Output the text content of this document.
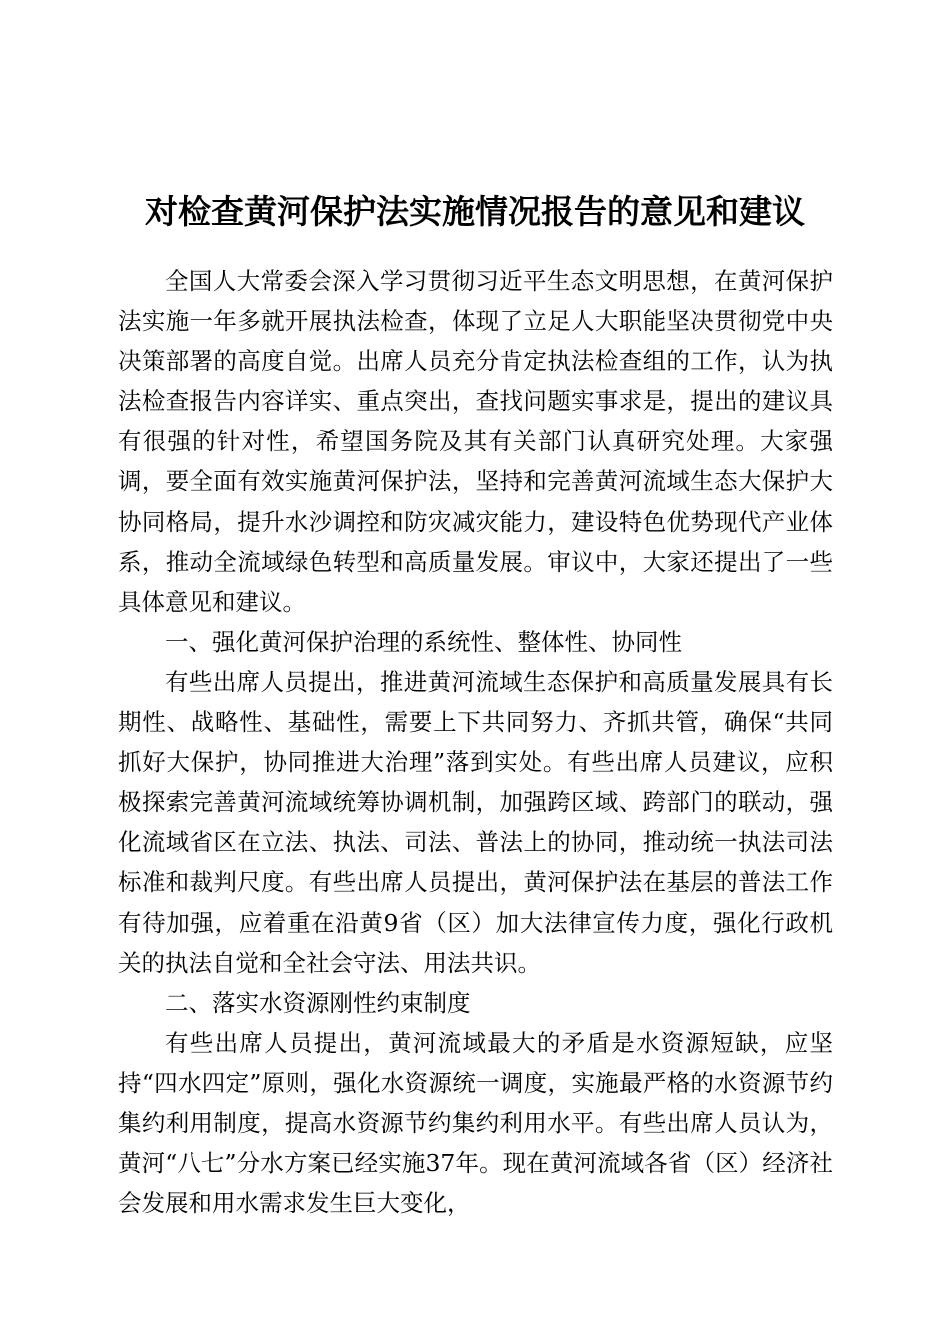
对检查黄河保护法实施情况报告的意见和建议

全国人大常委会深入学习贯彻习近平生态文明思想，在黄河保护法实施一年多就开展执法检查，体现了立足人大职能坚决贯彻党中央决策部署的高度自觉。出席人员充分肯定执法检查组的工作，认为执法检查报告内容详实、重点突出，查找问题实事求是，提出的建议具有很强的针对性，希望国务院及其有关部门认真研究处理。大家强调，要全面有效实施黄河保护法，坚持和完善黄河流域生态大保护大协同格局，提升水沙调控和防灾减灾能力，建设特色优势现代产业体系，推动全流域绿色转型和高质量发展。审议中，大家还提出了一些具体意见和建议。

一、强化黄河保护治理的系统性、整体性、协同性

有些出席人员提出，推进黄河流域生态保护和高质量发展具有长期性、战略性、基础性，需要上下共同努力、齐抓共管，确保“共同抓好大保护，协同推进大治理”落到实处。有些出席人员建议，应积极探索完善黄河流域统筹协调机制，加强跨区域、跨部门的联动，强化流域省区在立法、执法、司法、普法上的协同，推动统一执法司法标准和裁判尺度。有些出席人员提出，黄河保护法在基层的普法工作有待加强，应着重在沿黄9省（区）加大法律宣传力度，强化行政机关的执法自觉和全社会守法、用法共识。

二、落实水资源刚性约束制度

有些出席人员提出，黄河流域最大的矛盾是水资源短缺，应坚持“四水四定”原则，强化水资源统一调度，实施最严格的水资源节约集约利用制度，提高水资源节约集约利用水平。有些出席人员认为，黄河“八七”分水方案已经实施37年。现在黄河流域各省（区）经济社会发展和用水需求发生巨大变化，
